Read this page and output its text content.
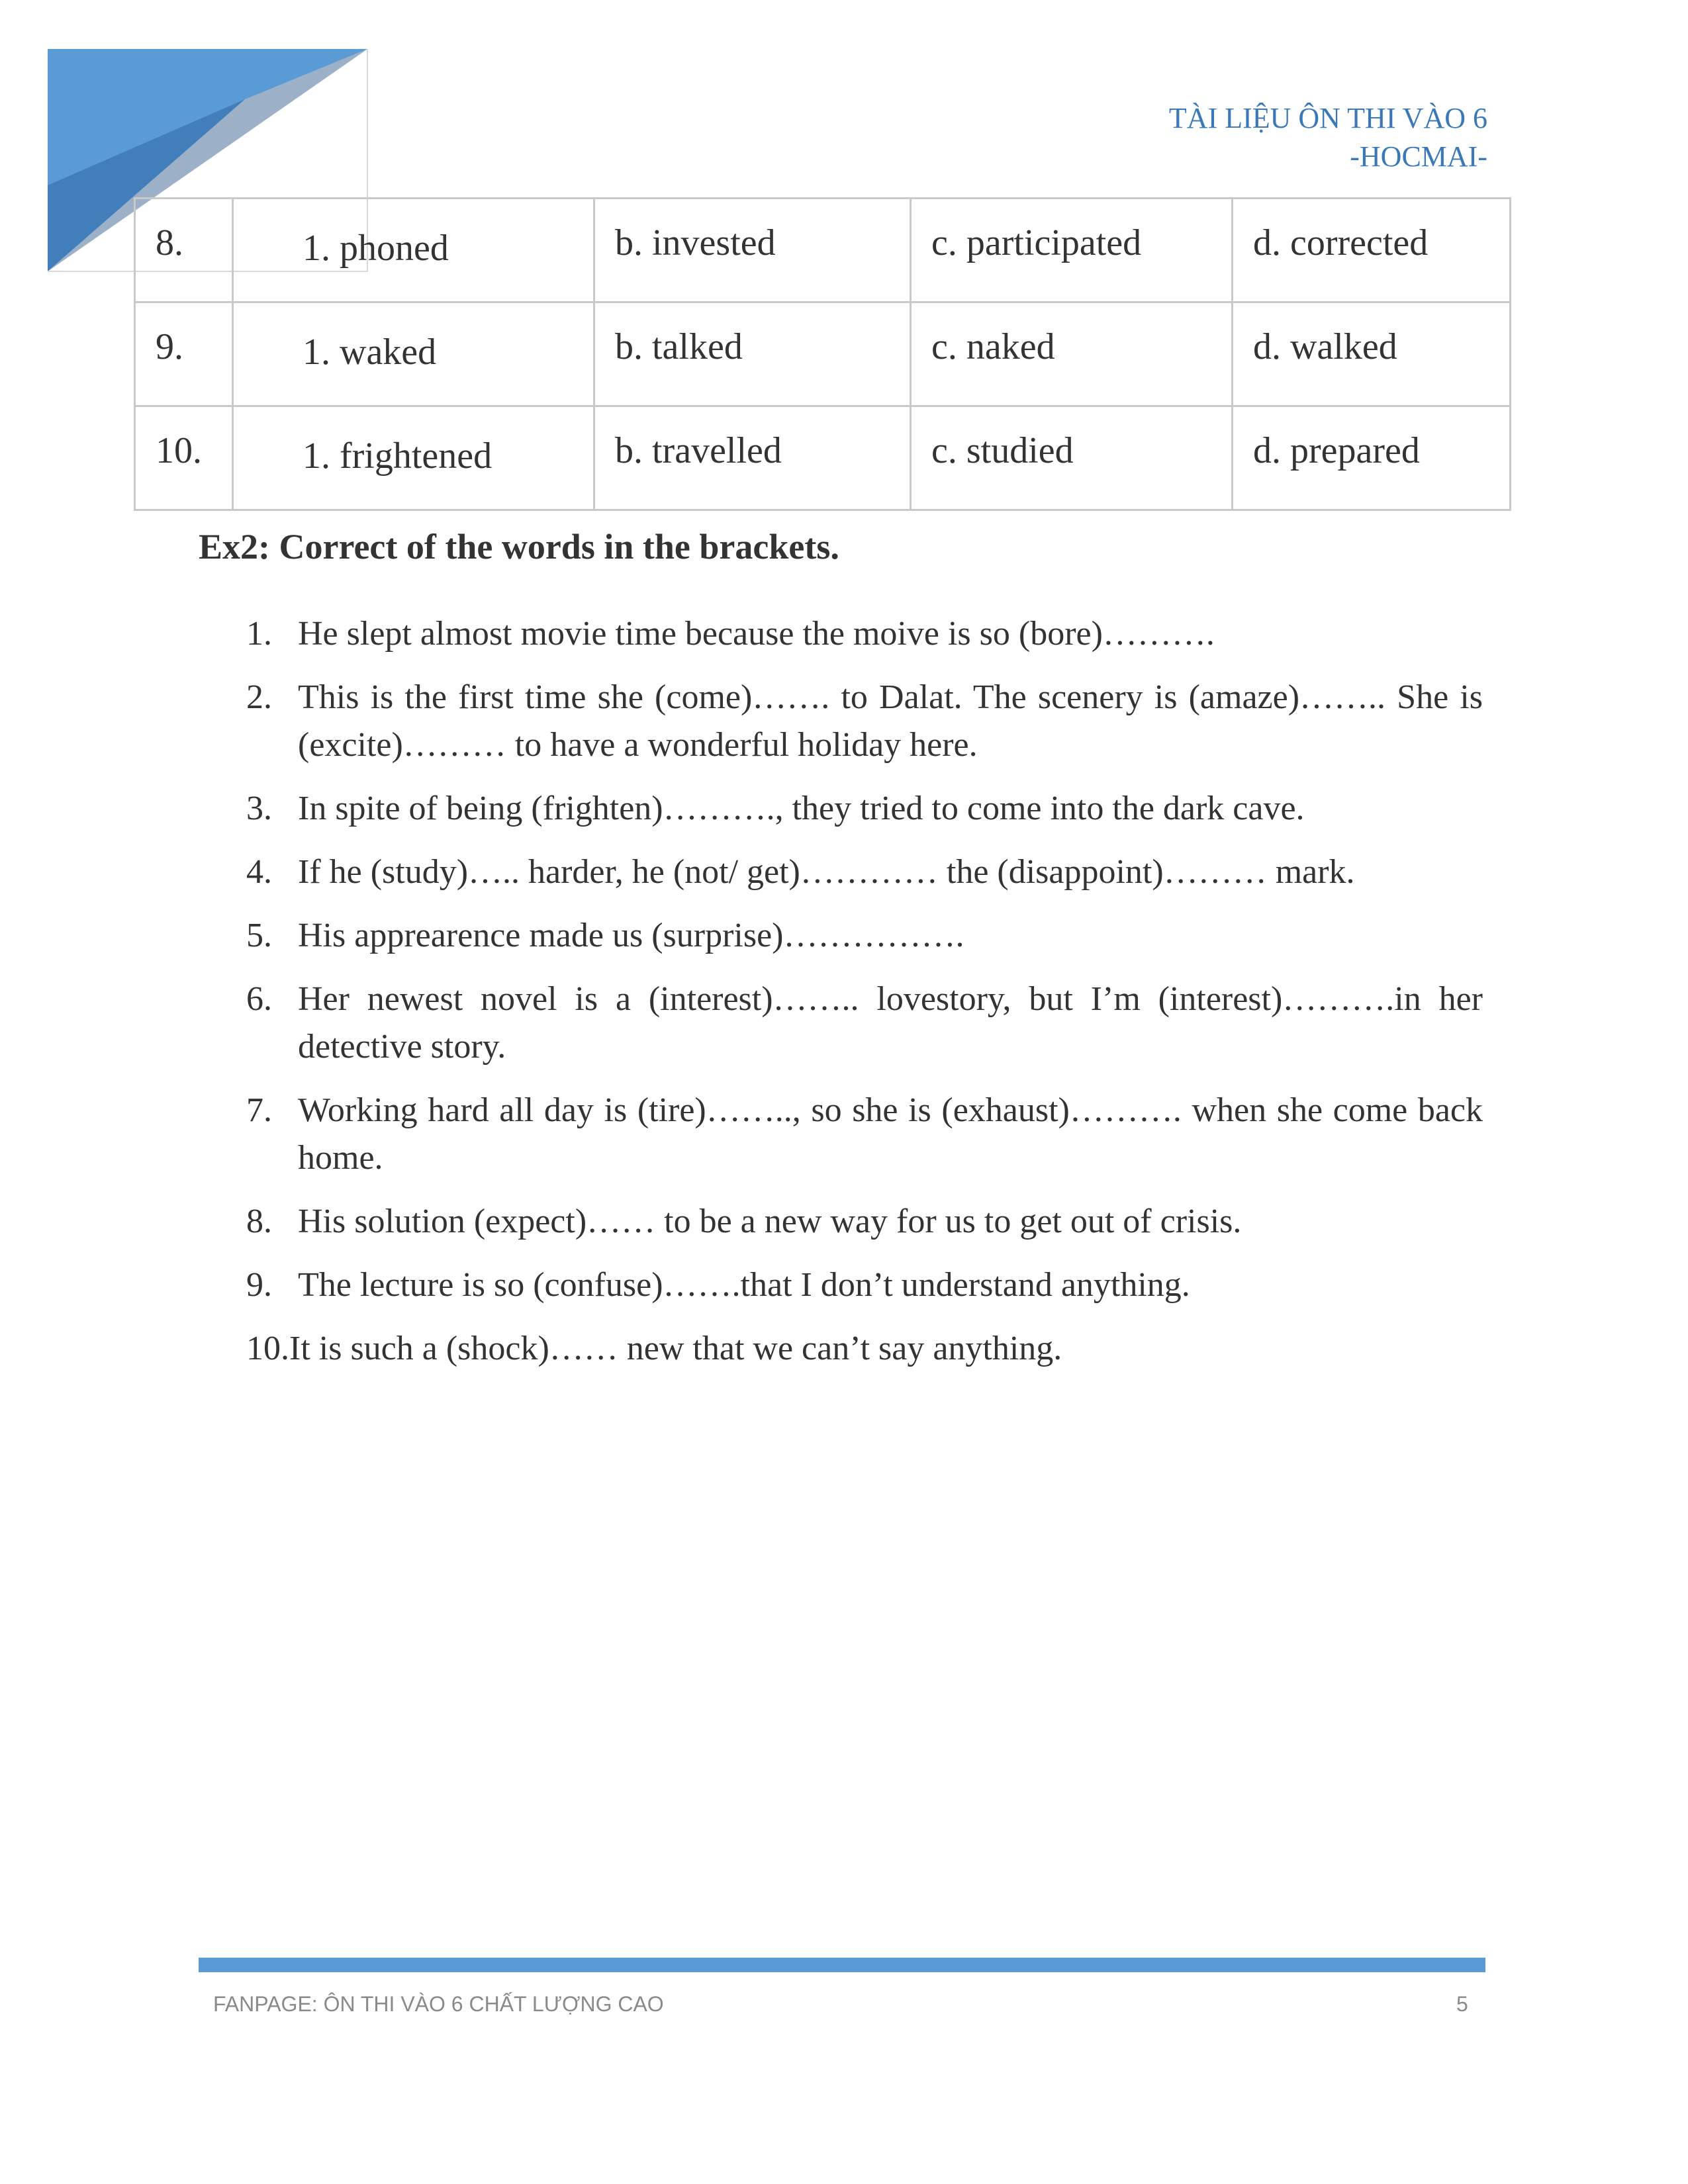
TÀI LIỆU ÔN THI VÀO 6
-HOCMAI-
8.	1. phoned	b. invested	c. participated	d. corrected

9.	1. waked	b. talked	c. naked	d. walked

10.	1. frightened	b. travelled	c. studied	d. prepared
Ex2: Correct of the words in the brackets.
1. He slept almost movie time because the moive is so (bore)……….
2. This is the first time she (come)……. to Dalat. The scenery is (amaze)…….. She is (excite)……… to have a wonderful holiday here.
3. In spite of being (frighten)………., they tried to come into the dark cave.
4. If he (study)….. harder, he (not/ get)………… the (disappoint)……… mark.
5. His apprearence made us (surprise)…………….
6. Her newest novel is a (interest)…….. lovestory, but I’m (interest)……….in her detective story.
7. Working hard all day is (tire)…….., so she is (exhaust)………. when she come back home.
8. His solution (expect)…… to be a new way for us to get out of crisis.
9. The lecture is so (confuse)…….that I don’t understand anything.
10.It is such a (shock)…… new that we can’t say anything.
FANPAGE: ÔN THI VÀO 6 CHẤT LƯỢNG CAO	5
